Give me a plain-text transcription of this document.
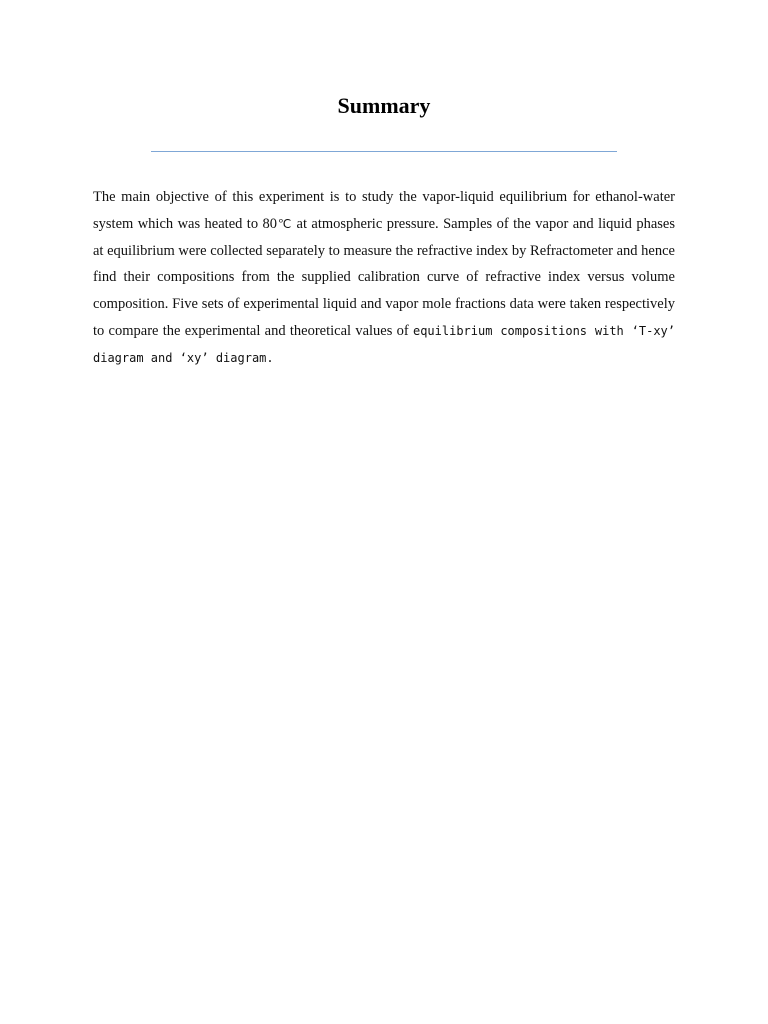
Summary

The main objective of this experiment is to study the vapor-liquid equilibrium for ethanol-water system which was heated to 80℃ at atmospheric pressure. Samples of the vapor and liquid phases at equilibrium were collected separately to measure the refractive index by Refractometer and hence find their compositions from the supplied calibration curve of refractive index versus volume composition. Five sets of experimental liquid and vapor mole fractions data were taken respectively to compare the experimental and theoretical values of equilibrium compositions with ‘T-xy’ diagram and ‘xy’ diagram.
